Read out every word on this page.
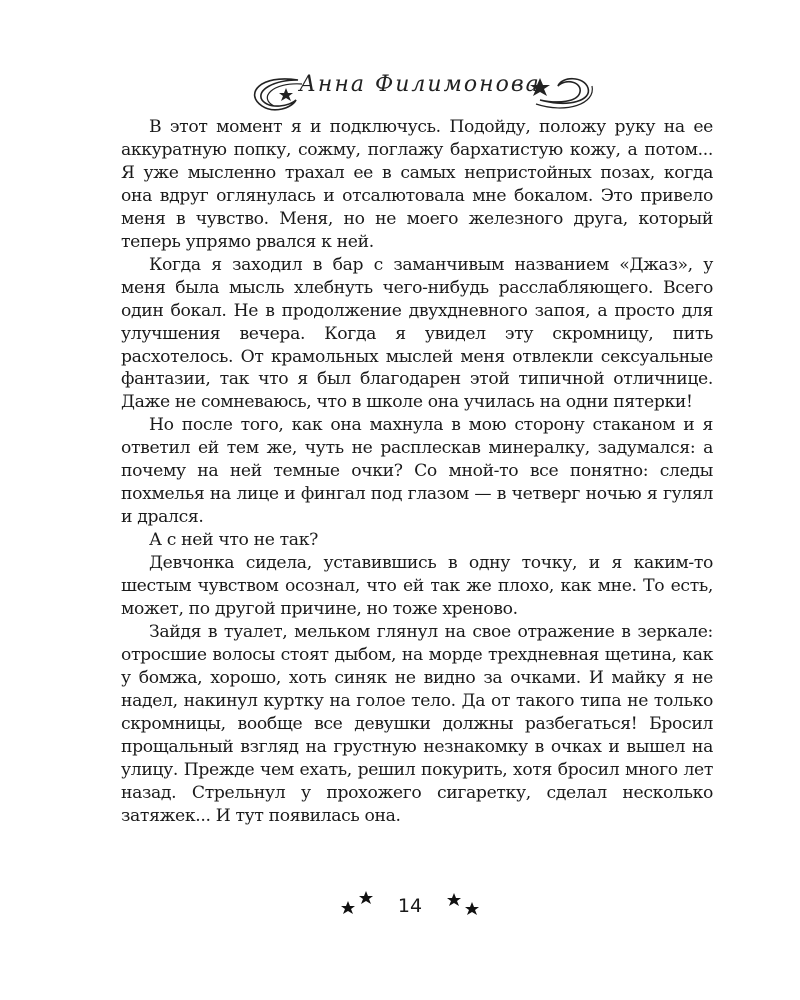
Анна Филимонова

В этот момент я и подключусь. Подойду, положу руку на ее аккуратную попку, сожму, поглажу бархатистую кожу, а потом... Я уже мысленно трахал ее в самых непристойных позах, когда она вдруг оглянулась и отсалютовала мне бокалом. Это привело меня в чувство. Меня, но не моего железного друга, который теперь упрямо рвался к ней.

Когда я заходил в бар с заманчивым названием «Джаз», у меня была мысль хлебнуть чего-нибудь расслабляющего. Всего один бокал. Не в продолжение двухдневного запоя, а просто для улучшения вечера. Когда я увидел эту скромницу, пить расхотелось. От крамольных мыслей меня отвлекли сексуальные фантазии, так что я был благодарен этой типичной отличнице. Даже не сомневаюсь, что в школе она училась на одни пятерки!

Но после того, как она махнула в мою сторону стаканом и я ответил ей тем же, чуть не расплескав минералку, задумался: а почему на ней темные очки? Со мной-то все понятно: следы похмелья на лице и фингал под глазом — в четверг ночью я гулял и дрался.

А с ней что не так?

Девчонка сидела, уставившись в одну точку, и я каким-то шестым чувством осознал, что ей так же плохо, как мне. То есть, может, по другой причине, но тоже хреново.

Зайдя в туалет, мельком глянул на свое отражение в зеркале: отросшие волосы стоят дыбом, на морде трехдневная щетина, как у бомжа, хорошо, хоть синяк не видно за очками. И майку я не надел, накинул куртку на голое тело. Да от такого типа не только скромницы, вообще все девушки должны разбегаться! Бросил прощальный взгляд на грустную незнакомку в очках и вышел на улицу. Прежде чем ехать, решил покурить, хотя бросил много лет назад. Стрельнул у прохожего сигаретку, сделал несколько затяжек... И тут появилась она.

14
